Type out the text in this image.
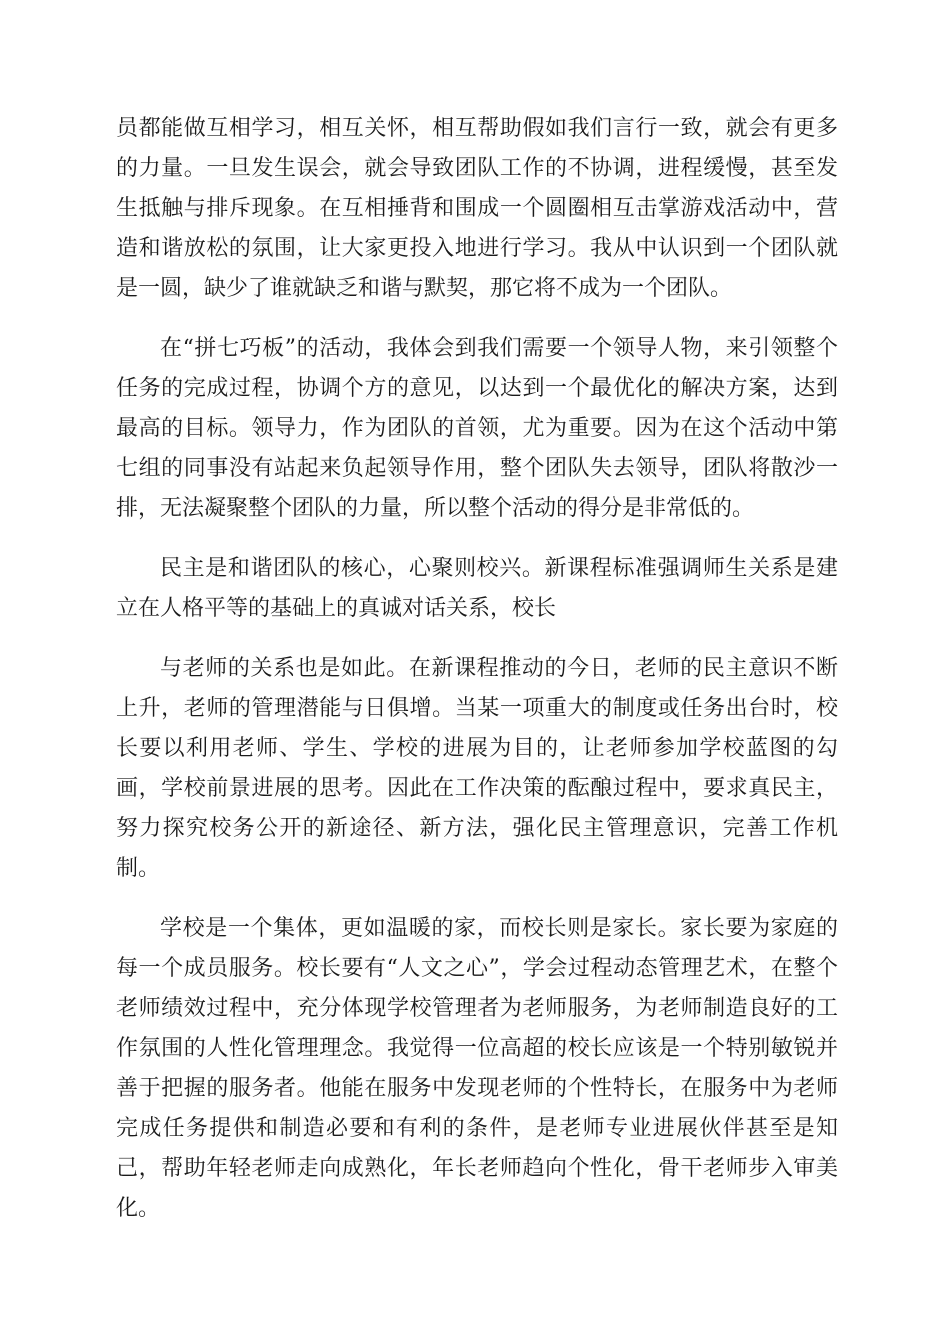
员都能做互相学习，相互关怀，相互帮助假如我们言行一致，就会有更多的力量。一旦发生误会，就会导致团队工作的不协调，进程缓慢，甚至发生抵触与排斥现象。在互相捶背和围成一个圆圈相互击掌游戏活动中，营造和谐放松的氛围，让大家更投入地进行学习。我从中认识到一个团队就是一圆，缺少了谁就缺乏和谐与默契，那它将不成为一个团队。

在“拼七巧板”的活动，我体会到我们需要一个领导人物，来引领整个任务的完成过程，协调个方的意见，以达到一个最优化的解决方案，达到最高的目标。领导力，作为团队的首领，尤为重要。因为在这个活动中第七组的同事没有站起来负起领导作用，整个团队失去领导，团队将散沙一排，无法凝聚整个团队的力量，所以整个活动的得分是非常低的。

民主是和谐团队的核心，心聚则校兴。新课程标准强调师生关系是建立在人格平等的基础上的真诚对话关系，校长

与老师的关系也是如此。在新课程推动的今日，老师的民主意识不断上升，老师的管理潜能与日俱增。当某一项重大的制度或任务出台时，校长要以利用老师、学生、学校的进展为目的，让老师参加学校蓝图的勾画，学校前景进展的思考。因此在工作决策的酝酿过程中，要求真民主，努力探究校务公开的新途径、新方法，强化民主管理意识，完善工作机制。

学校是一个集体，更如温暖的家，而校长则是家长。家长要为家庭的每一个成员服务。校长要有“人文之心”，学会过程动态管理艺术，在整个老师绩效过程中，充分体现学校管理者为老师服务，为老师制造良好的工作氛围的人性化管理理念。我觉得一位高超的校长应该是一个特别敏锐并善于把握的服务者。他能在服务中发现老师的个性特长，在服务中为老师完成任务提供和制造必要和有利的条件，是老师专业进展伙伴甚至是知己，帮助年轻老师走向成熟化，年长老师趋向个性化，骨干老师步入审美化。
